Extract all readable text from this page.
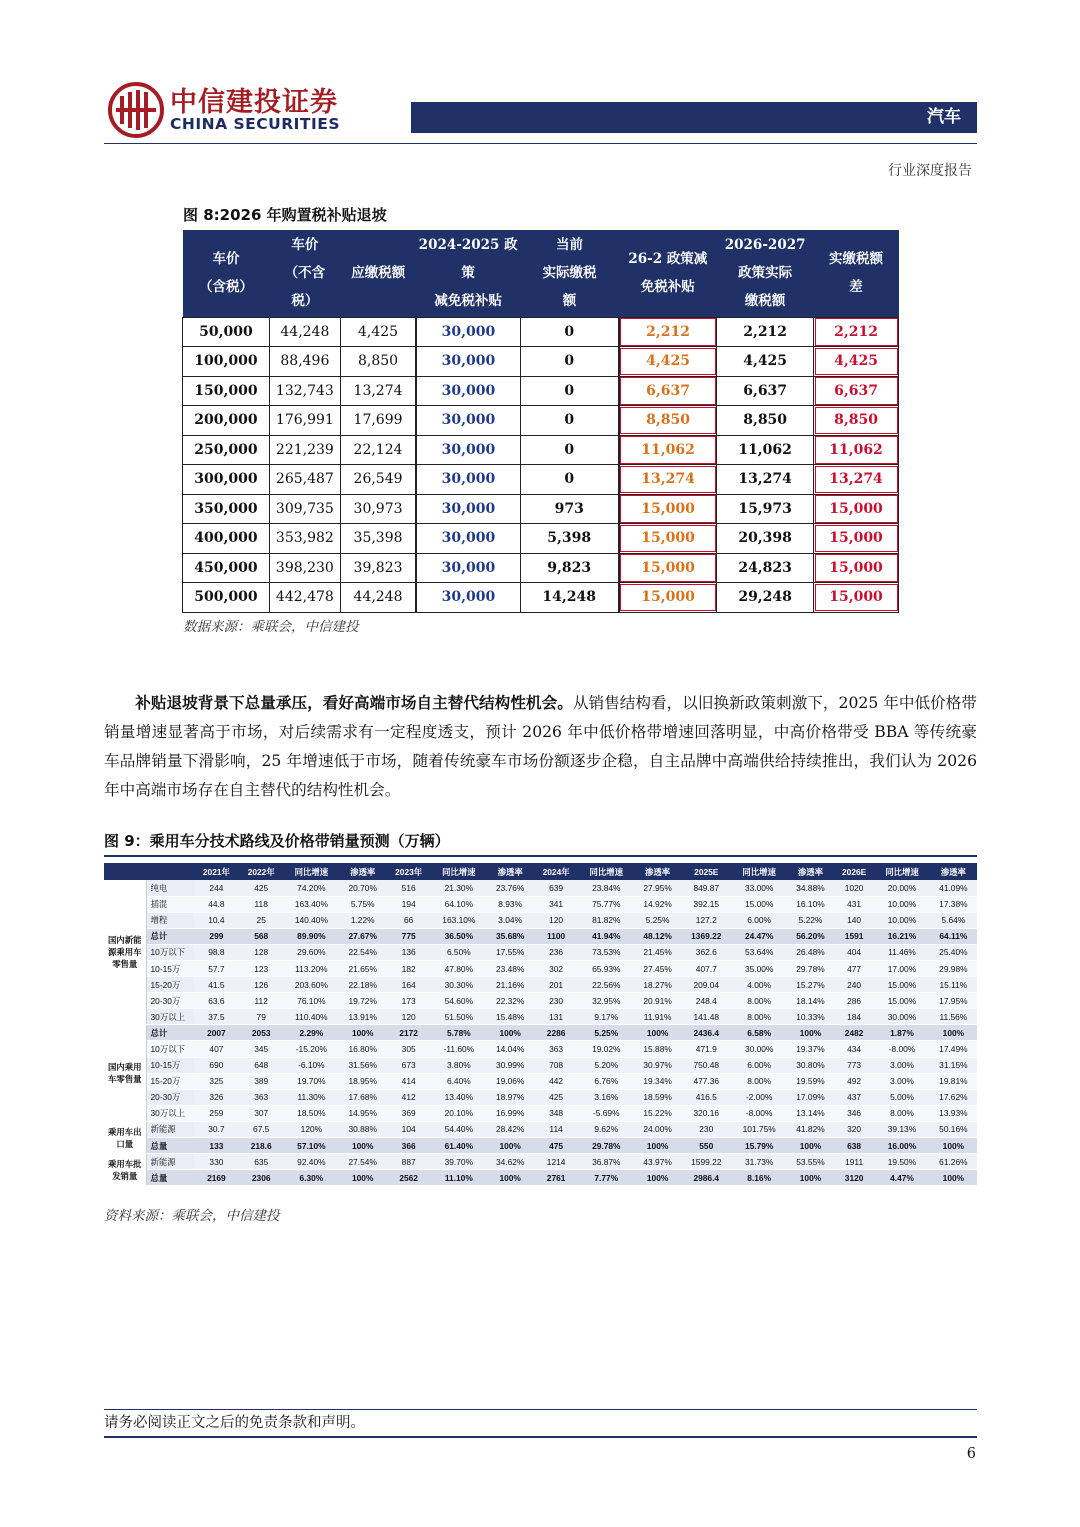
中信建投证券
CHINA SECURITIES	汽车
行业深度报告
图 8:2026 年购置税补贴退坡
车价
（含税）	车价
（不含
税）	应缴税额	2024-2025 政
策
减免税补贴	当前
实际缴税
额	26-2 政策减
免税补贴	2026-2027
政策实际
缴税额	实缴税额
差
50,000	44,248	4,425	30,000	0	2,212	2,212	2,212
100,000	88,496	8,850	30,000	0	4,425	4,425	4,425
150,000	132,743	13,274	30,000	0	6,637	6,637	6,637
200,000	176,991	17,699	30,000	0	8,850	8,850	8,850
250,000	221,239	22,124	30,000	0	11,062	11,062	11,062
300,000	265,487	26,549	30,000	0	13,274	13,274	13,274
350,000	309,735	30,973	30,000	973	15,000	15,973	15,000
400,000	353,982	35,398	30,000	5,398	15,000	20,398	15,000
450,000	398,230	39,823	30,000	9,823	15,000	24,823	15,000
500,000	442,478	44,248	30,000	14,248	15,000	29,248	15,000
数据来源：乘联会，中信建投
补贴退坡背景下总量承压，看好高端市场自主替代结构性机会。从销售结构看，以旧换新政策刺激下，2025 年中低价格带销量增速显著高于市场，对后续需求有一定程度透支，预计 2026 年中低价格带增速回落明显，中高价格带受 BBA 等传统豪车品牌销量下滑影响，25 年增速低于市场，随着传统豪车市场份额逐步企稳，自主品牌中高端供给持续推出，我们认为 2026 年中高端市场存在自主替代的结构性机会。
图 9：乘用车分技术路线及价格带销量预测（万辆）
		2021年	2022年	同比增速	渗透率	2023年	同比增速	渗透率	2024年	同比增速	渗透率	2025E	同比增速	渗透率	2026E	同比增速	渗透率
国内新能源乘用车零售量	纯电	244	425	74.20%	20.70%	516	21.30%	23.76%	639	23.84%	27.95%	849.87	33.00%	34.88%	1020	20.00%	41.09%
	插混	44.8	118	163.40%	5.75%	194	64.10%	8.93%	341	75.77%	14.92%	392.15	15.00%	16.10%	431	10.00%	17.38%
	增程	10.4	25	140.40%	1.22%	66	163.10%	3.04%	120	81.82%	5.25%	127.2	6.00%	5.22%	140	10.00%	5.64%
	总计	299	568	89.90%	27.67%	775	36.50%	35.68%	1100	41.94%	48.12%	1369.22	24.47%	56.20%	1591	16.21%	64.11%
	10万以下	98.8	128	29.60%	22.54%	136	6.50%	17.55%	236	73.53%	21.45%	362.6	53.64%	26.48%	404	11.46%	25.40%
	10-15万	57.7	123	113.20%	21.65%	182	47.80%	23.48%	302	65.93%	27.45%	407.7	35.00%	29.78%	477	17.00%	29.98%
	15-20万	41.5	126	203.60%	22.18%	164	30.30%	21.16%	201	22.56%	18.27%	209.04	4.00%	15.27%	240	15.00%	15.11%
	20-30万	63.6	112	76.10%	19.72%	173	54.60%	22.32%	230	32.95%	20.91%	248.4	8.00%	18.14%	286	15.00%	17.95%
	30万以上	37.5	79	110.40%	13.91%	120	51.50%	15.48%	131	9.17%	11.91%	141.48	8.00%	10.33%	184	30.00%	11.56%
国内乘用车零售量	总计	2007	2053	2.29%	100%	2172	5.78%	100%	2286	5.25%	100%	2436.4	6.58%	100%	2482	1.87%	100%
	10万以下	407	345	-15.20%	16.80%	305	-11.60%	14.04%	363	19.02%	15.88%	471.9	30.00%	19.37%	434	-8.00%	17.49%
	10-15万	690	648	-6.10%	31.56%	673	3.80%	30.99%	708	5.20%	30.97%	750.48	6.00%	30.80%	773	3.00%	31.15%
	15-20万	325	389	19.70%	18.95%	414	6.40%	19.06%	442	6.76%	19.34%	477.36	8.00%	19.59%	492	3.00%	19.81%
	20-30万	326	363	11.30%	17.68%	412	13.40%	18.97%	425	3.16%	18.59%	416.5	-2.00%	17.09%	437	5.00%	17.62%
	30万以上	259	307	18.50%	14.95%	369	20.10%	16.99%	348	-5.69%	15.22%	320.16	-8.00%	13.14%	346	8.00%	13.93%
乘用车出口量	新能源	30.7	67.5	120%	30.88%	104	54.40%	28.42%	114	9.62%	24.00%	230	101.75%	41.82%	320	39.13%	50.16%
	总量	133	218.6	57.10%	100%	366	61.40%	100%	475	29.78%	100%	550	15.79%	100%	638	16.00%	100%
乘用车批发销量	新能源	330	635	92.40%	27.54%	887	39.70%	34.62%	1214	36.87%	43.97%	1599.22	31.73%	53.55%	1911	19.50%	61.26%
	总量	2169	2306	6.30%	100%	2562	11.10%	100%	2761	7.77%	100%	2986.4	8.16%	100%	3120	4.47%	100%
资料来源：乘联会，中信建投
请务必阅读正文之后的免责条款和声明。
6
